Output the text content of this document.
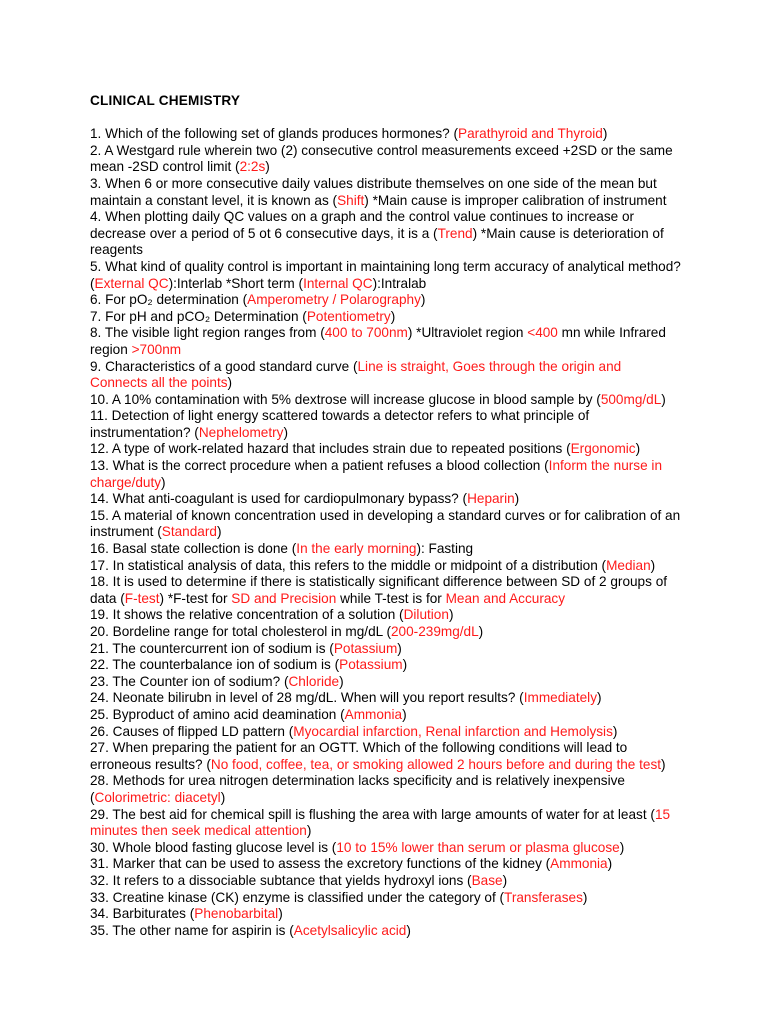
CLINICAL CHEMISTRY
1. Which of the following set of glands produces hormones? (Parathyroid and Thyroid)
2. A Westgard rule wherein two (2) consecutive control measurements exceed +2SD or the same mean -2SD control limit (2:2s)
3. When 6 or more consecutive daily values distribute themselves on one side of the mean but maintain a constant level, it is known as (Shift) *Main cause is improper calibration of instrument
4. When plotting daily QC values on a graph and the control value continues to increase or decrease over a period of 5 ot 6 consecutive days, it is a (Trend) *Main cause is deterioration of reagents
5. What kind of quality control is important in maintaining long term accuracy of analytical method? (External QC):Interlab *Short term (Internal QC):Intralab
6. For pO₂ determination (Amperometry / Polarography)
7. For pH and pCO₂ Determination (Potentiometry)
8. The visible light region ranges from (400 to 700nm) *Ultraviolet region <400 mn while Infrared region >700nm
9. Characteristics of a good standard curve (Line is straight, Goes through the origin and Connects all the points)
10. A 10% contamination with 5% dextrose will increase glucose in blood sample by (500mg/dL)
11. Detection of light energy scattered towards a detector refers to what principle of instrumentation? (Nephelometry)
12. A type of work-related hazard that includes strain due to repeated positions (Ergonomic)
13. What is the correct procedure when a patient refuses a blood collection (Inform the nurse in charge/duty)
14. What anti-coagulant is used for cardiopulmonary bypass? (Heparin)
15. A material of known concentration used in developing a standard curves or for calibration of an instrument (Standard)
16. Basal state collection is done (In the early morning): Fasting
17. In statistical analysis of data, this refers to the middle or midpoint of a distribution (Median)
18. It is used to determine if there is statistically significant difference between SD of 2 groups of data (F-test) *F-test for SD and Precision while T-test is for Mean and Accuracy
19. It shows the relative concentration of a solution (Dilution)
20. Bordeline range for total cholesterol in mg/dL (200-239mg/dL)
21. The countercurrent ion of sodium is (Potassium)
22. The counterbalance ion of sodium is (Potassium)
23. The Counter ion of sodium? (Chloride)
24. Neonate bilirubn in level of 28 mg/dL. When will you report results? (Immediately)
25. Byproduct of amino acid deamination (Ammonia)
26. Causes of flipped LD pattern (Myocardial infarction, Renal infarction and Hemolysis)
27. When preparing the patient for an OGTT. Which of the following conditions will lead to erroneous results? (No food, coffee, tea, or smoking allowed 2 hours before and during the test)
28. Methods for urea nitrogen determination lacks specificity and is relatively inexpensive (Colorimetric: diacetyl)
29. The best aid for chemical spill is flushing the area with large amounts of water for at least (15 minutes then seek medical attention)
30. Whole blood fasting glucose level is (10 to 15% lower than serum or plasma glucose)
31. Marker that can be used to assess the excretory functions of the kidney (Ammonia)
32. It refers to a dissociable subtance that yields hydroxyl ions (Base)
33. Creatine kinase (CK) enzyme is classified under the category of (Transferases)
34. Barbiturates (Phenobarbital)
35. The other name for aspirin is (Acetylsalicylic acid)
